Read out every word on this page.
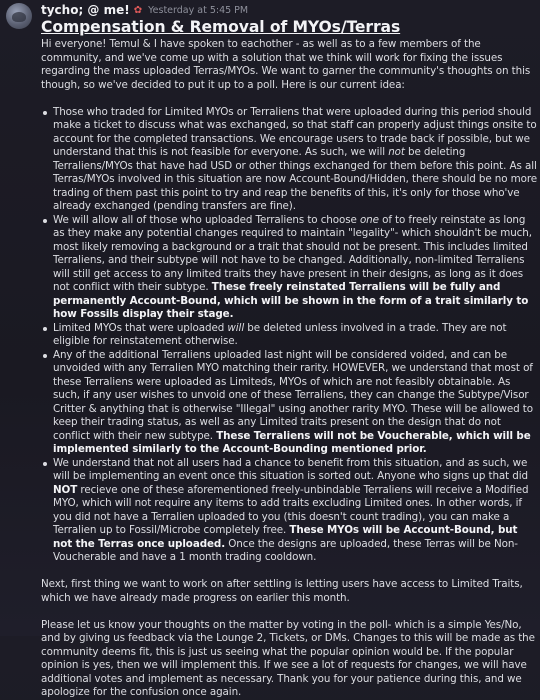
tycho; @ me! ✿ Yesterday at 5:45 PM
Compensation & Removal of MYOs/Terras

Hi everyone! Temul & I have spoken to eachother - as well as to a few members of the community, and we've come up with a solution that we think will work for fixing the issues regarding the mass uploaded Terras/MYOs. We want to garner the community's thoughts on this though, so we've decided to put it up to a poll. Here is our current idea:

Those who traded for Limited MYOs or Terraliens that were uploaded during this period should make a ticket to discuss what was exchanged, so that staff can properly adjust things onsite to account for the completed transactions. We encourage users to trade back if possible, but we understand that this is not feasible for everyone. As such, we will not be deleting Terraliens/MYOs that have had USD or other things exchanged for them before this point. As all Terras/MYOs involved in this situation are now Account-Bound/Hidden, there should be no more trading of them past this point to try and reap the benefits of this, it's only for those who've already exchanged (pending transfers are fine).
We will allow all of those who uploaded Terraliens to choose one of to freely reinstate as long as they make any potential changes required to maintain "legality"- which shouldn't be much, most likely removing a background or a trait that should not be present. This includes limited Terraliens, and their subtype will not have to be changed. Additionally, non-limited Terraliens will still get access to any limited traits they have present in their designs, as long as it does not conflict with their subtype. These freely reinstated Terraliens will be fully and permanently Account-Bound, which will be shown in the form of a trait similarly to how Fossils display their stage.
Limited MYOs that were uploaded will be deleted unless involved in a trade. They are not eligible for reinstatement otherwise.
Any of the additional Terraliens uploaded last night will be considered voided, and can be unvoided with any Terralien MYO matching their rarity. HOWEVER, we understand that most of these Terraliens were uploaded as Limiteds, MYOs of which are not feasibly obtainable. As such, if any user wishes to unvoid one of these Terraliens, they can change the Subtype/Visor Critter & anything that is otherwise "Illegal" using another rarity MYO. These will be allowed to keep their trading status, as well as any Limited traits present on the design that do not conflict with their new subtype. These Terraliens will not be Voucherable, which will be implemented similarly to the Account-Bounding mentioned prior.
We understand that not all users had a chance to benefit from this situation, and as such, we will be implementing an event once this situation is sorted out. Anyone who signs up that did NOT recieve one of these aforementioned freely-unbindable Terraliens will receive a Modified MYO, which will not require any items to add traits excluding Limited ones. In other words, if you did not have a Terralien uploaded to you (this doesn't count trading), you can make a Terralien up to Fossil/Microbe completely free. These MYOs will be Account-Bound, but not the Terras once uploaded. Once the designs are uploaded, these Terras will be Non-Voucherable and have a 1 month trading cooldown.

Next, first thing we want to work on after settling is letting users have access to Limited Traits, which we have already made progress on earlier this month.

Please let us know your thoughts on the matter by voting in the poll- which is a simple Yes/No, and by giving us feedback via the Lounge 2, Tickets, or DMs. Changes to this will be made as the community deems fit, this is just us seeing what the popular opinion would be. If the popular opinion is yes, then we will implement this. If we see a lot of requests for changes, we will have additional votes and implement as necessary. Thank you for your patience during this, and we apologize for the confusion once again.
